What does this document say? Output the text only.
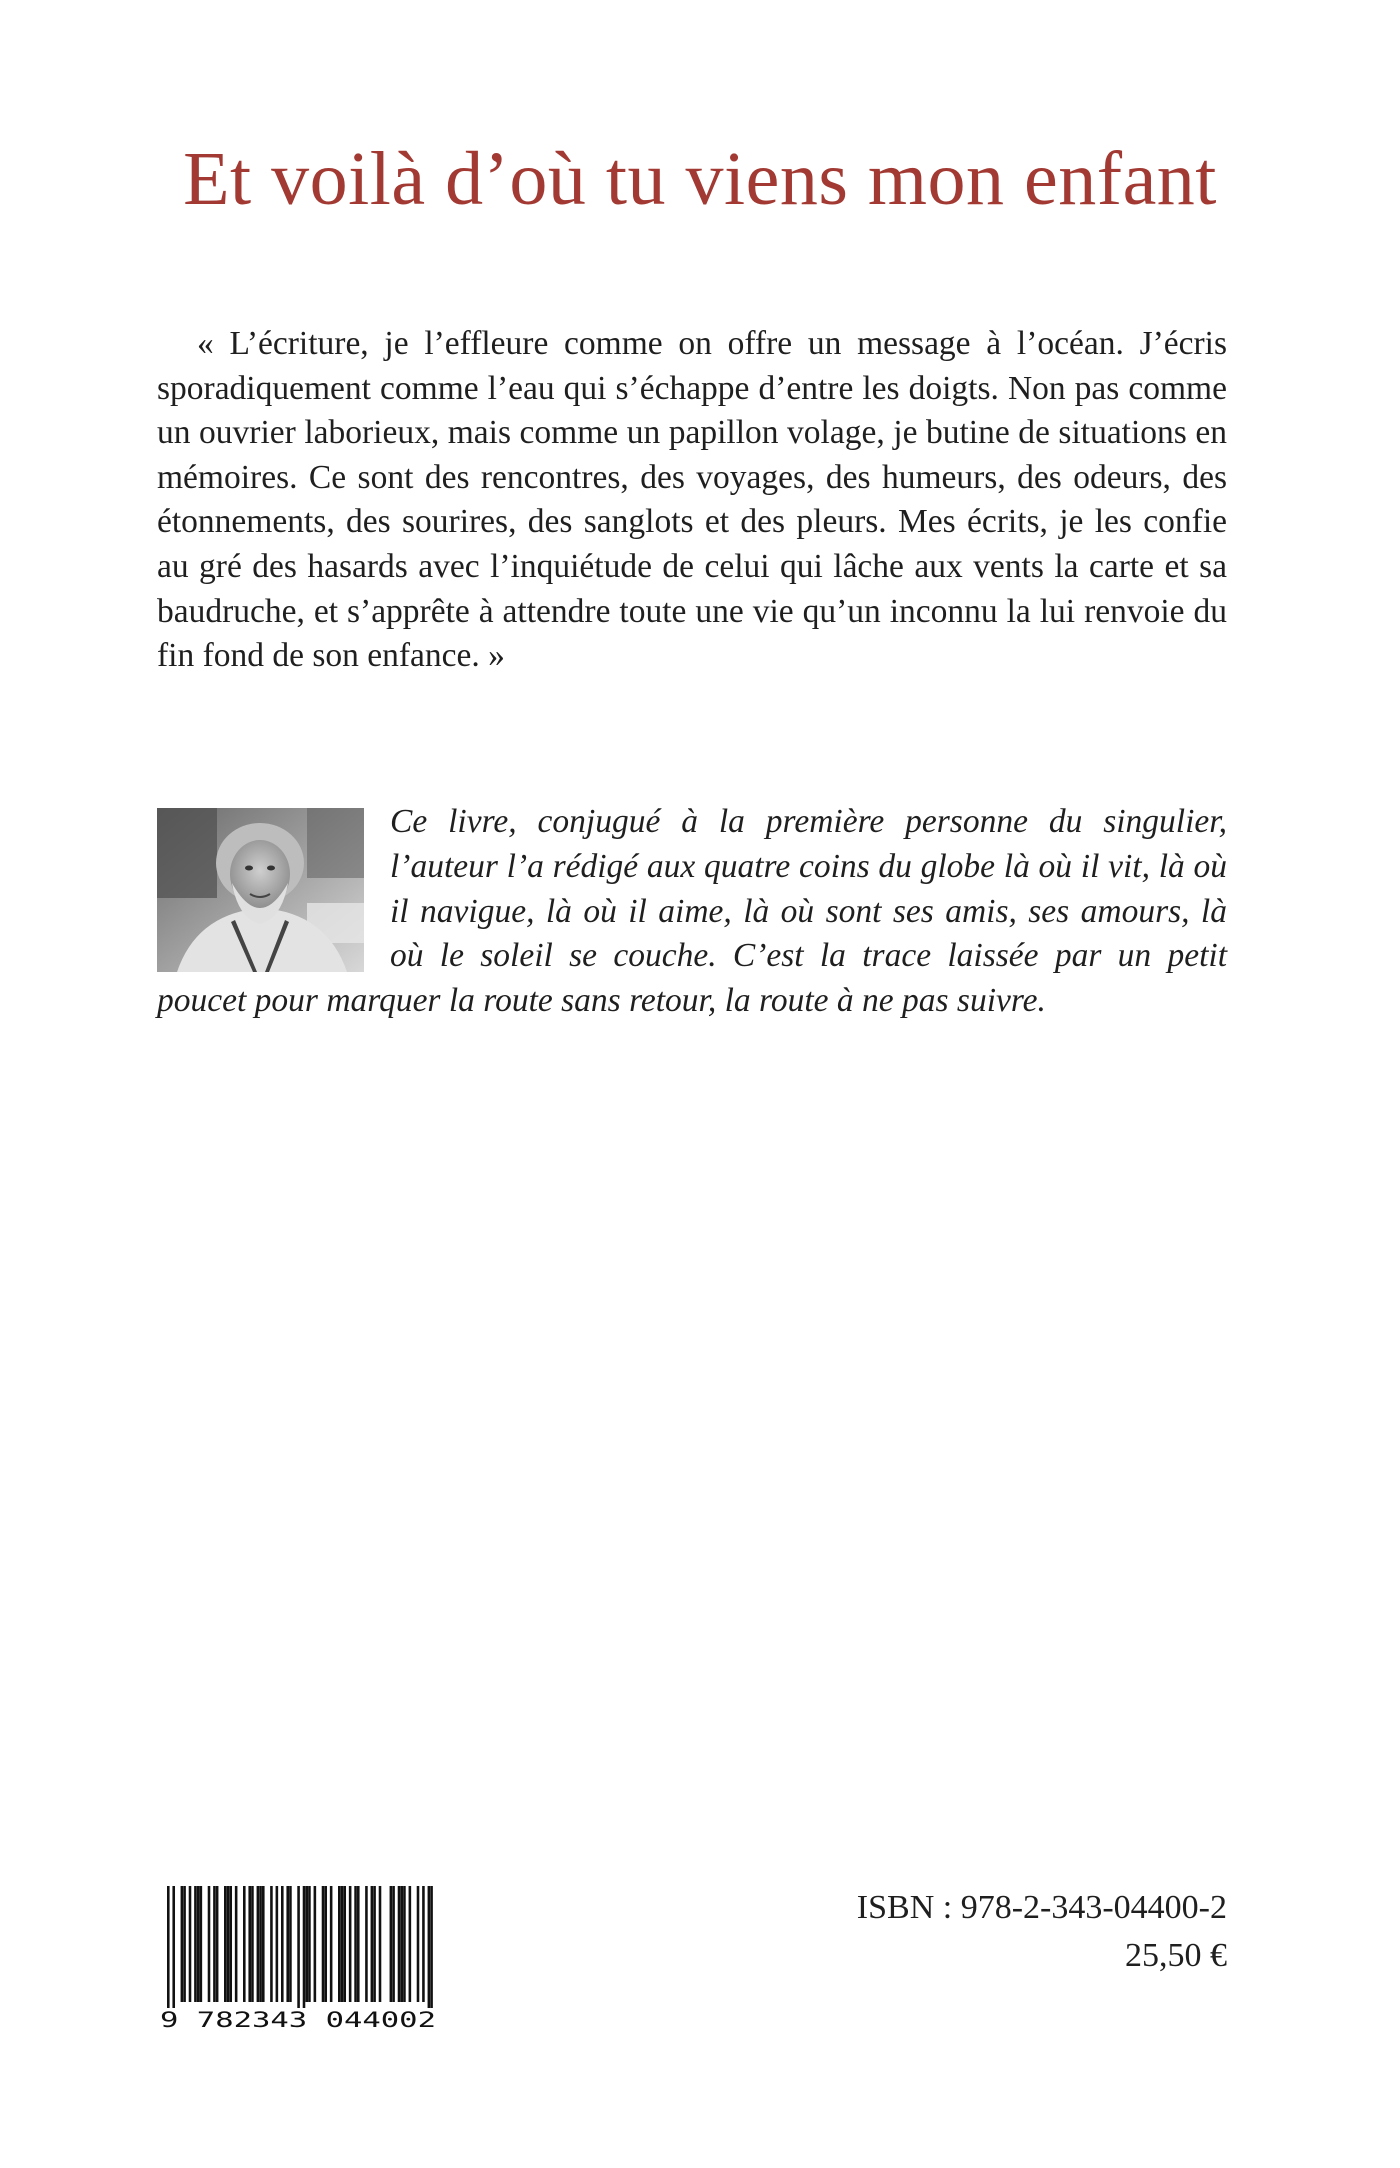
Et voilà d’où tu viens mon enfant

« L’écriture, je l’effleure comme on offre un message à l’océan. J’écris sporadiquement comme l’eau qui s’échappe d’entre les doigts. Non pas comme un ouvrier laborieux, mais comme un papillon volage, je butine de situations en mémoires. Ce sont des rencontres, des voyages, des humeurs, des odeurs, des étonnements, des sourires, des sanglots et des pleurs. Mes écrits, je les confie au gré des hasards avec l’inquiétude de celui qui lâche aux vents la carte et sa baudruche, et s’apprête à attendre toute une vie qu’un inconnu la lui renvoie du fin fond de son enfance. »

Ce livre, conjugué à la première personne du singulier, l’auteur l’a rédigé aux quatre coins du globe là où il vit, là où il navigue, là où il aime, là où sont ses amis, ses amours, là où le soleil se couche. C’est la trace laissée par un petit poucet pour marquer la route sans retour, la route à ne pas suivre.

9 782343 044002

ISBN : 978-2-343-04400-2

25,50 €
